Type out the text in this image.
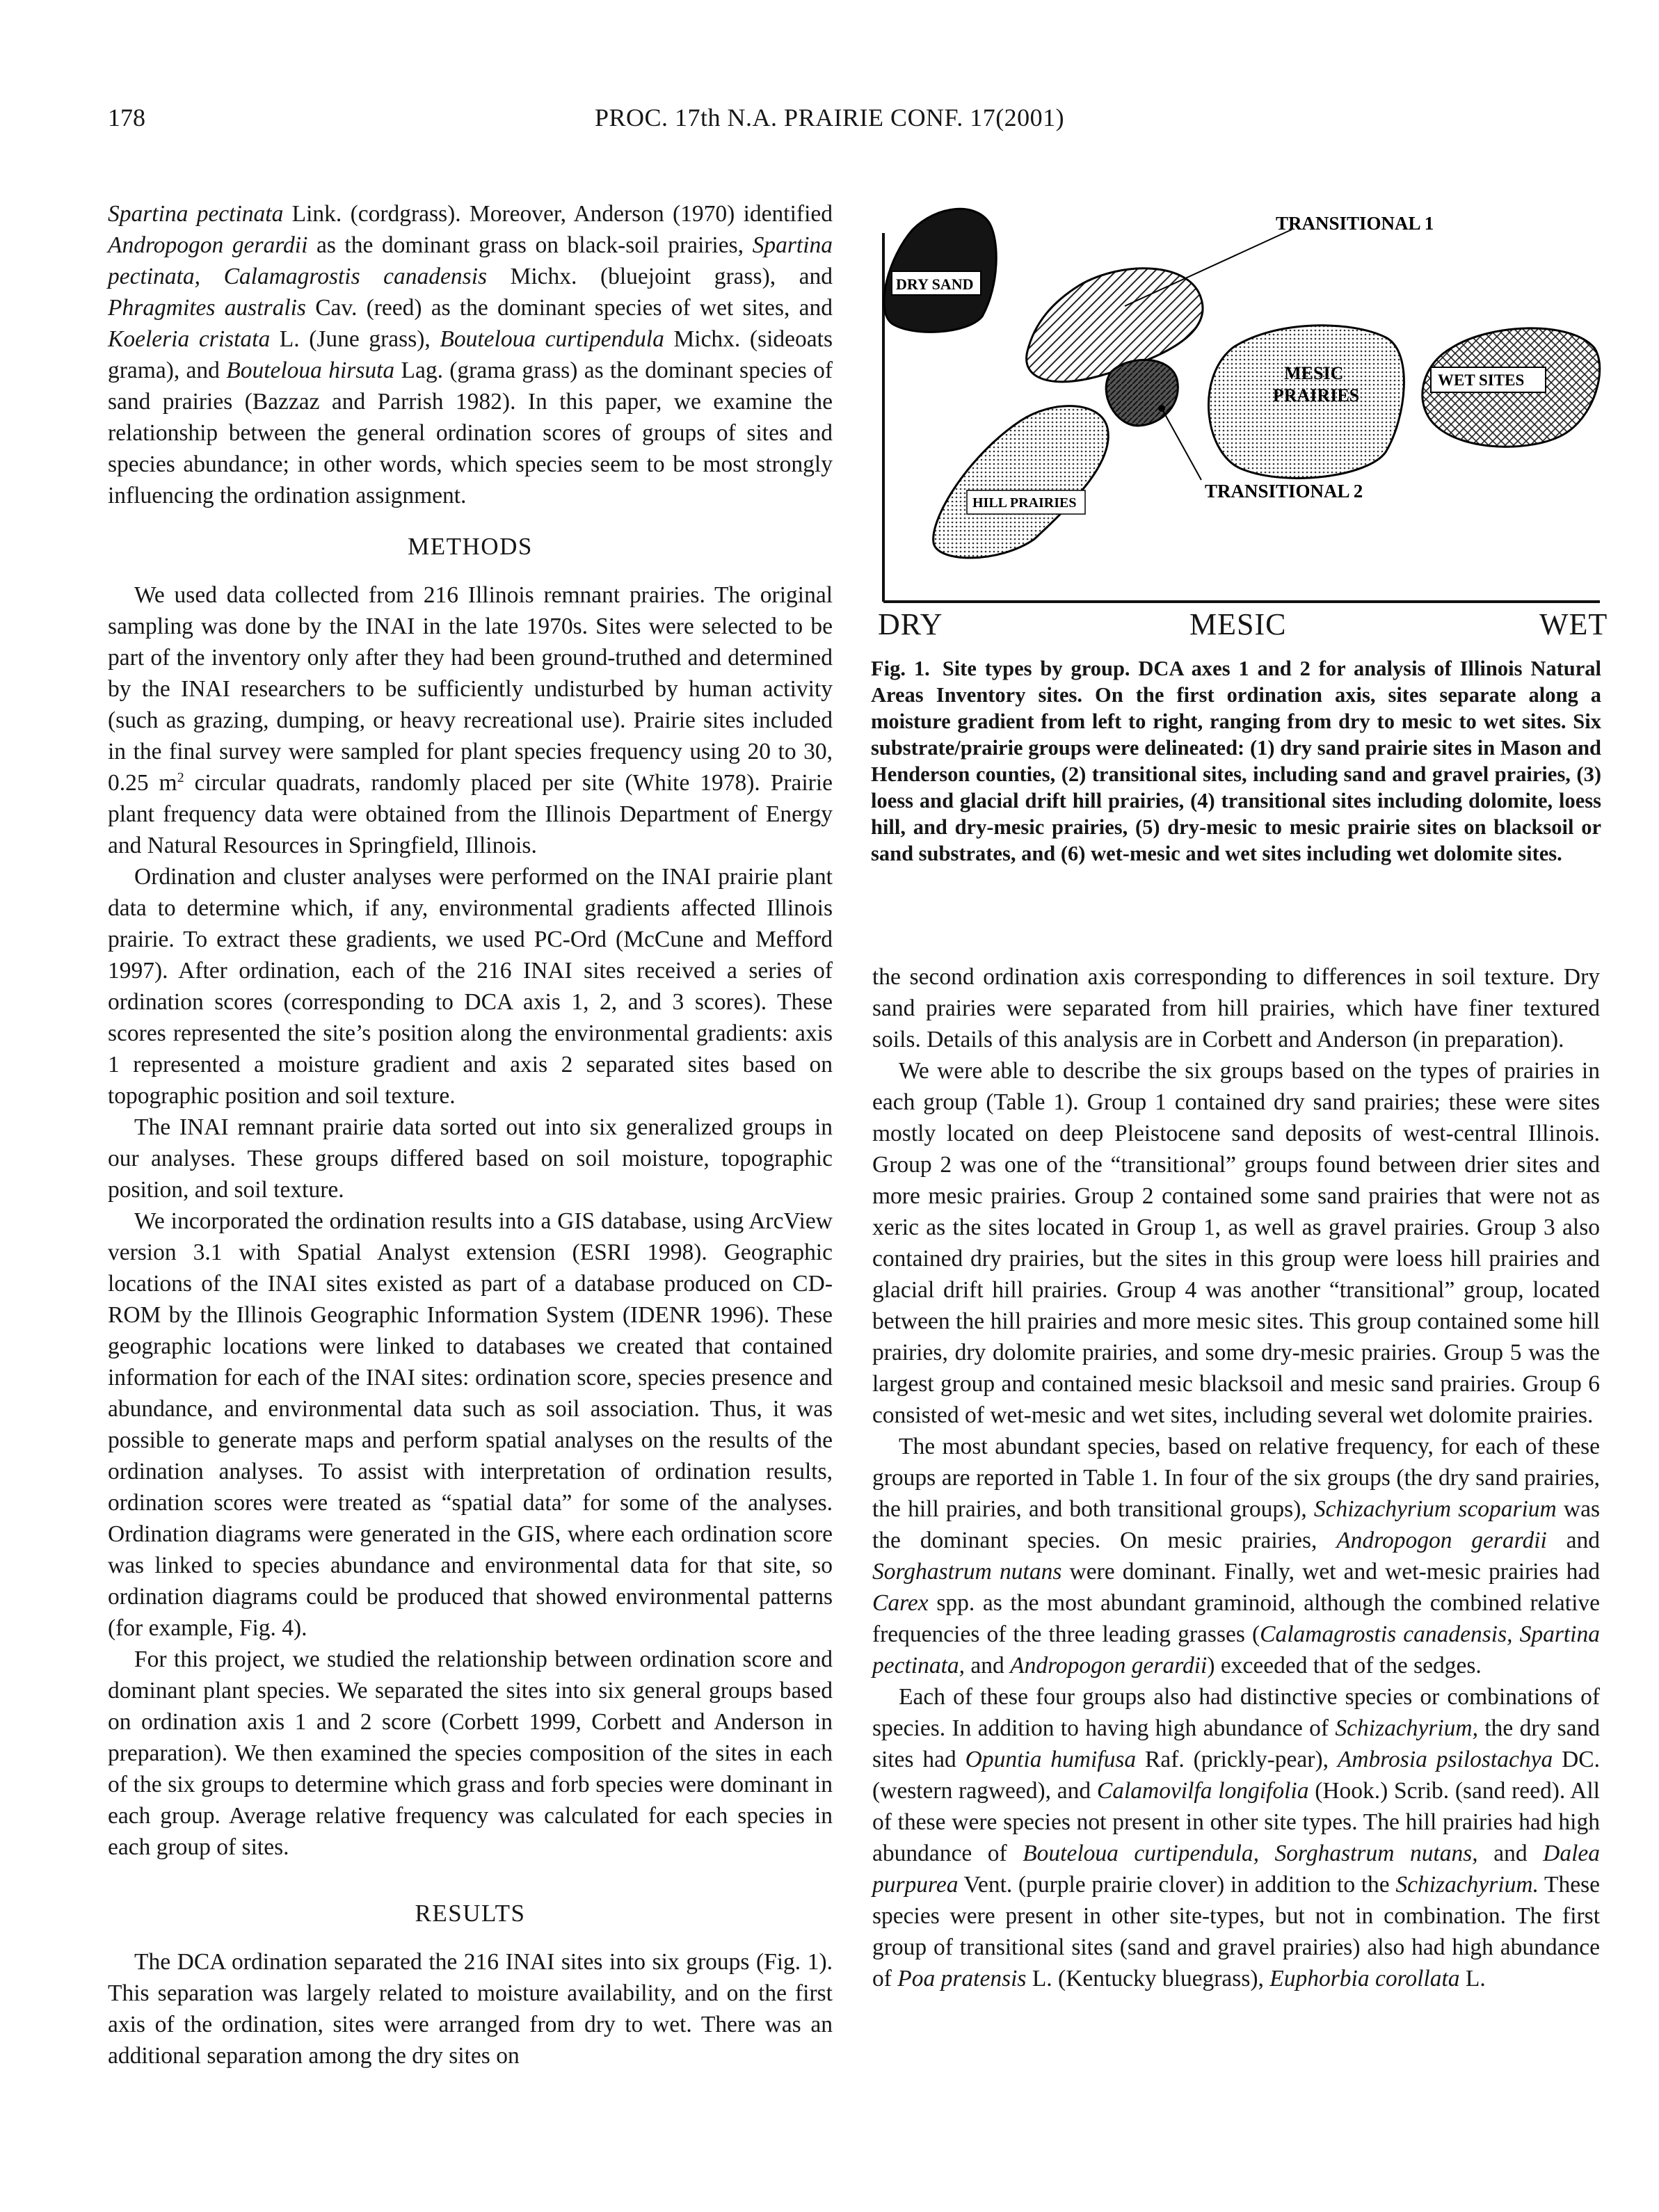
178	PROC. 17th N.A. PRAIRIE CONF. 17(2001)

Spartina pectinata Link. (cordgrass). Moreover, Anderson (1970) identified Andropogon gerardii as the dominant grass on black-soil prairies, Spartina pectinata, Calamagrostis canadensis Michx. (bluejoint grass), and Phragmites australis Cav. (reed) as the dominant species of wet sites, and Koeleria cristata L. (June grass), Bouteloua curtipendula Michx. (sideoats grama), and Bouteloua hirsuta Lag. (grama grass) as the dominant species of sand prairies (Bazzaz and Parrish 1982). In this paper, we examine the relationship between the general ordination scores of groups of sites and species abundance; in other words, which species seem to be most strongly influencing the ordination assignment.

METHODS

We used data collected from 216 Illinois remnant prairies. The original sampling was done by the INAI in the late 1970s. Sites were selected to be part of the inventory only after they had been ground-truthed and determined by the INAI researchers to be sufficiently undisturbed by human activity (such as grazing, dumping, or heavy recreational use). Prairie sites included in the final survey were sampled for plant species frequency using 20 to 30, 0.25 $m^2$ circular quadrats, randomly placed per site (White 1978). Prairie plant frequency data were obtained from the Illinois Department of Energy and Natural Resources in Springfield, Illinois.

Ordination and cluster analyses were performed on the INAI prairie plant data to determine which, if any, environmental gradients affected Illinois prairie. To extract these gradients, we used PC-Ord (McCune and Mefford 1997). After ordination, each of the 216 INAI sites received a series of ordination scores (corresponding to DCA axis 1, 2, and 3 scores). These scores represented the site’s position along the environmental gradients: axis 1 represented a moisture gradient and axis 2 separated sites based on topographic position and soil texture.

The INAI remnant prairie data sorted out into six generalized groups in our analyses. These groups differed based on soil moisture, topographic position, and soil texture.

We incorporated the ordination results into a GIS database, using ArcView version 3.1 with Spatial Analyst extension (ESRI 1998). Geographic locations of the INAI sites existed as part of a database produced on CD-ROM by the Illinois Geographic Information System (IDENR 1996). These geographic locations were linked to databases we created that contained information for each of the INAI sites: ordination score, species presence and abundance, and environmental data such as soil association. Thus, it was possible to generate maps and perform spatial analyses on the results of the ordination analyses. To assist with interpretation of ordination results, ordination scores were treated as “spatial data” for some of the analyses. Ordination diagrams were generated in the GIS, where each ordination score was linked to species abundance and environmental data for that site, so ordination diagrams could be produced that showed environmental patterns (for example, Fig. 4).

For this project, we studied the relationship between ordination score and dominant plant species. We separated the sites into six general groups based on ordination axis 1 and 2 score (Corbett 1999, Corbett and Anderson in preparation). We then examined the species composition of the sites in each of the six groups to determine which grass and forb species were dominant in each group. Average relative frequency was calculated for each species in each group of sites.

RESULTS

The DCA ordination separated the 216 INAI sites into six groups (Fig. 1). This separation was largely related to moisture availability, and on the first axis of the ordination, sites were arranged from dry to wet. There was an additional separation among the dry sites on

DRY SAND
TRANSITIONAL 1
TRANSITIONAL 2
HILL PRAIRIES
MESIC PRAIRIES
WET SITES
DRY	MESIC	WET
Fig. 1. Site types by group. DCA axes 1 and 2 for analysis of Illinois Natural Areas Inventory sites. On the first ordination axis, sites separate along a moisture gradient from left to right, ranging from dry to mesic to wet sites. Six substrate/prairie groups were delineated: (1) dry sand prairie sites in Mason and Henderson counties, (2) transitional sites, including sand and gravel prairies, (3) loess and glacial drift hill prairies, (4) transitional sites including dolomite, loess hill, and dry-mesic prairies, (5) dry-mesic to mesic prairie sites on blacksoil or sand substrates, and (6) wet-mesic and wet sites including wet dolomite sites.

the second ordination axis corresponding to differences in soil texture. Dry sand prairies were separated from hill prairies, which have finer textured soils. Details of this analysis are in Corbett and Anderson (in preparation).

We were able to describe the six groups based on the types of prairies in each group (Table 1). Group 1 contained dry sand prairies; these were sites mostly located on deep Pleistocene sand deposits of west-central Illinois. Group 2 was one of the “transitional” groups found between drier sites and more mesic prairies. Group 2 contained some sand prairies that were not as xeric as the sites located in Group 1, as well as gravel prairies. Group 3 also contained dry prairies, but the sites in this group were loess hill prairies and glacial drift hill prairies. Group 4 was another “transitional” group, located between the hill prairies and more mesic sites. This group contained some hill prairies, dry dolomite prairies, and some dry-mesic prairies. Group 5 was the largest group and contained mesic blacksoil and mesic sand prairies. Group 6 consisted of wet-mesic and wet sites, including several wet dolomite prairies.

The most abundant species, based on relative frequency, for each of these groups are reported in Table 1. In four of the six groups (the dry sand prairies, the hill prairies, and both transitional groups), Schizachyrium scoparium was the dominant species. On mesic prairies, Andropogon gerardii and Sorghastrum nutans were dominant. Finally, wet and wet-mesic prairies had Carex spp. as the most abundant graminoid, although the combined relative frequencies of the three leading grasses (Calamagrostis canadensis, Spartina pectinata, and Andropogon gerardii) exceeded that of the sedges.

Each of these four groups also had distinctive species or combinations of species. In addition to having high abundance of Schizachyrium, the dry sand sites had Opuntia humifusa Raf. (prickly-pear), Ambrosia psilostachya DC. (western ragweed), and Calamovilfa longifolia (Hook.) Scrib. (sand reed). All of these were species not present in other site types. The hill prairies had high abundance of Bouteloua curtipendula, Sorghastrum nutans, and Dalea purpurea Vent. (purple prairie clover) in addition to the Schizachyrium. These species were present in other site-types, but not in combination. The first group of transitional sites (sand and gravel prairies) also had high abundance of Poa pratensis L. (Kentucky bluegrass), Euphorbia corollata L.
